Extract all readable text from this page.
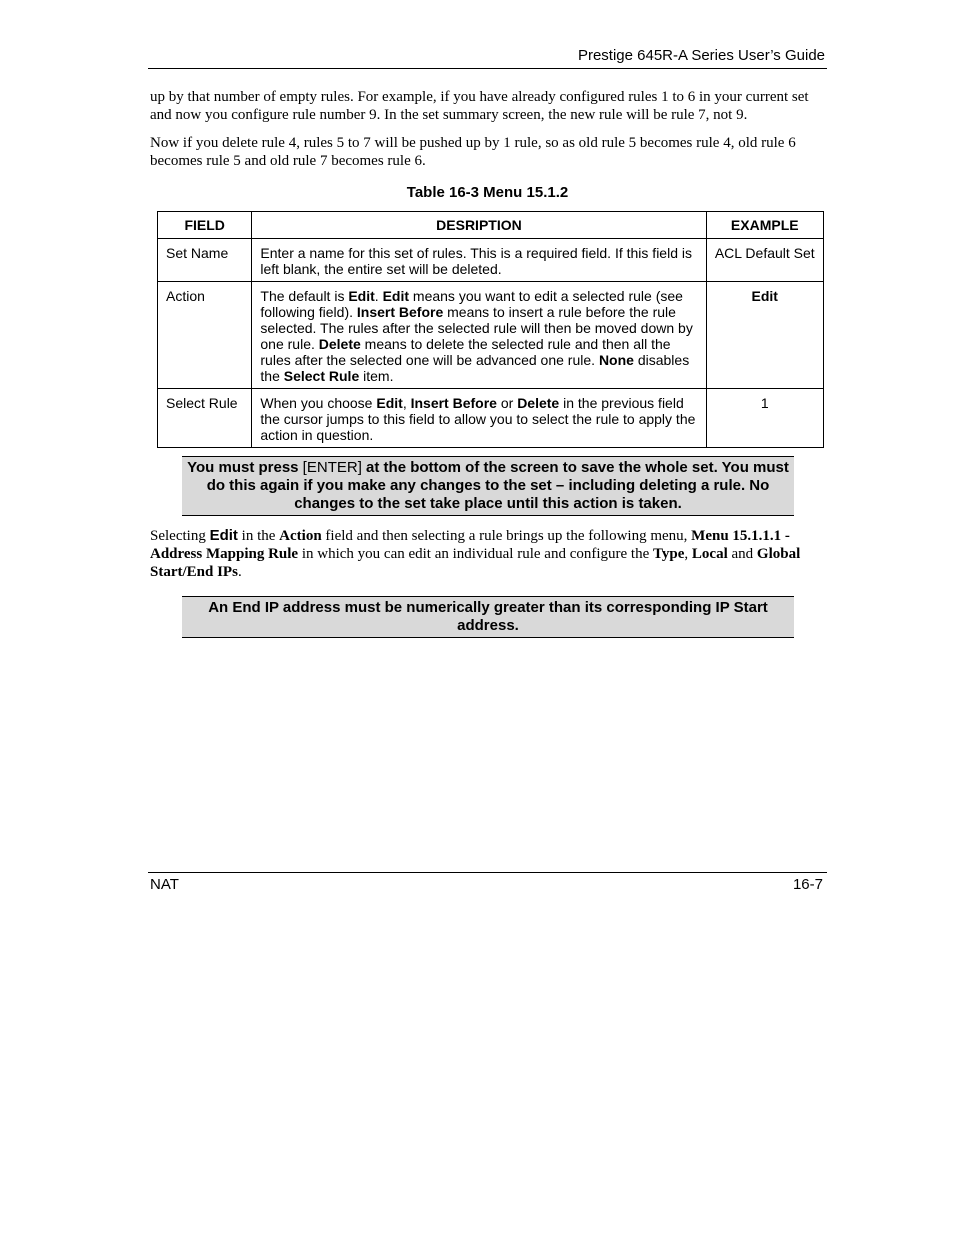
Prestige 645R-A Series User’s Guide
up by that number of empty rules. For example, if you have already configured rules 1 to 6 in your current set and now you configure rule number 9. In the set summary screen, the new rule will be rule 7, not 9.
Now if you delete rule 4, rules 5 to 7 will be pushed up by 1 rule, so as old rule 5 becomes rule 4, old rule 6 becomes rule 5 and old rule 7 becomes rule 6.
Table 16-3 Menu 15.1.2
FIELD	DESRIPTION	EXAMPLE
Set Name	Enter a name for this set of rules. This is a required field. If this field is left blank, the entire set will be deleted.	ACL Default Set
Action	The default is Edit. Edit means you want to edit a selected rule (see following field). Insert Before means to insert a rule before the rule selected. The rules after the selected rule will then be moved down by one rule. Delete means to delete the selected rule and then all the rules after the selected one will be advanced one rule. None disables the Select Rule item.	Edit
Select Rule	When you choose Edit, Insert Before or Delete in the previous field the cursor jumps to this field to allow you to select the rule to apply the action in question.	1
You must press [ENTER] at the bottom of the screen to save the whole set. You must do this again if you make any changes to the set – including deleting a rule. No changes to the set take place until this action is taken.
Selecting Edit in the Action field and then selecting a rule brings up the following menu, Menu 15.1.1.1 - Address Mapping Rule in which you can edit an individual rule and configure the Type, Local and Global Start/End IPs.
An End IP address must be numerically greater than its corresponding IP Start address.
NAT	16-7
